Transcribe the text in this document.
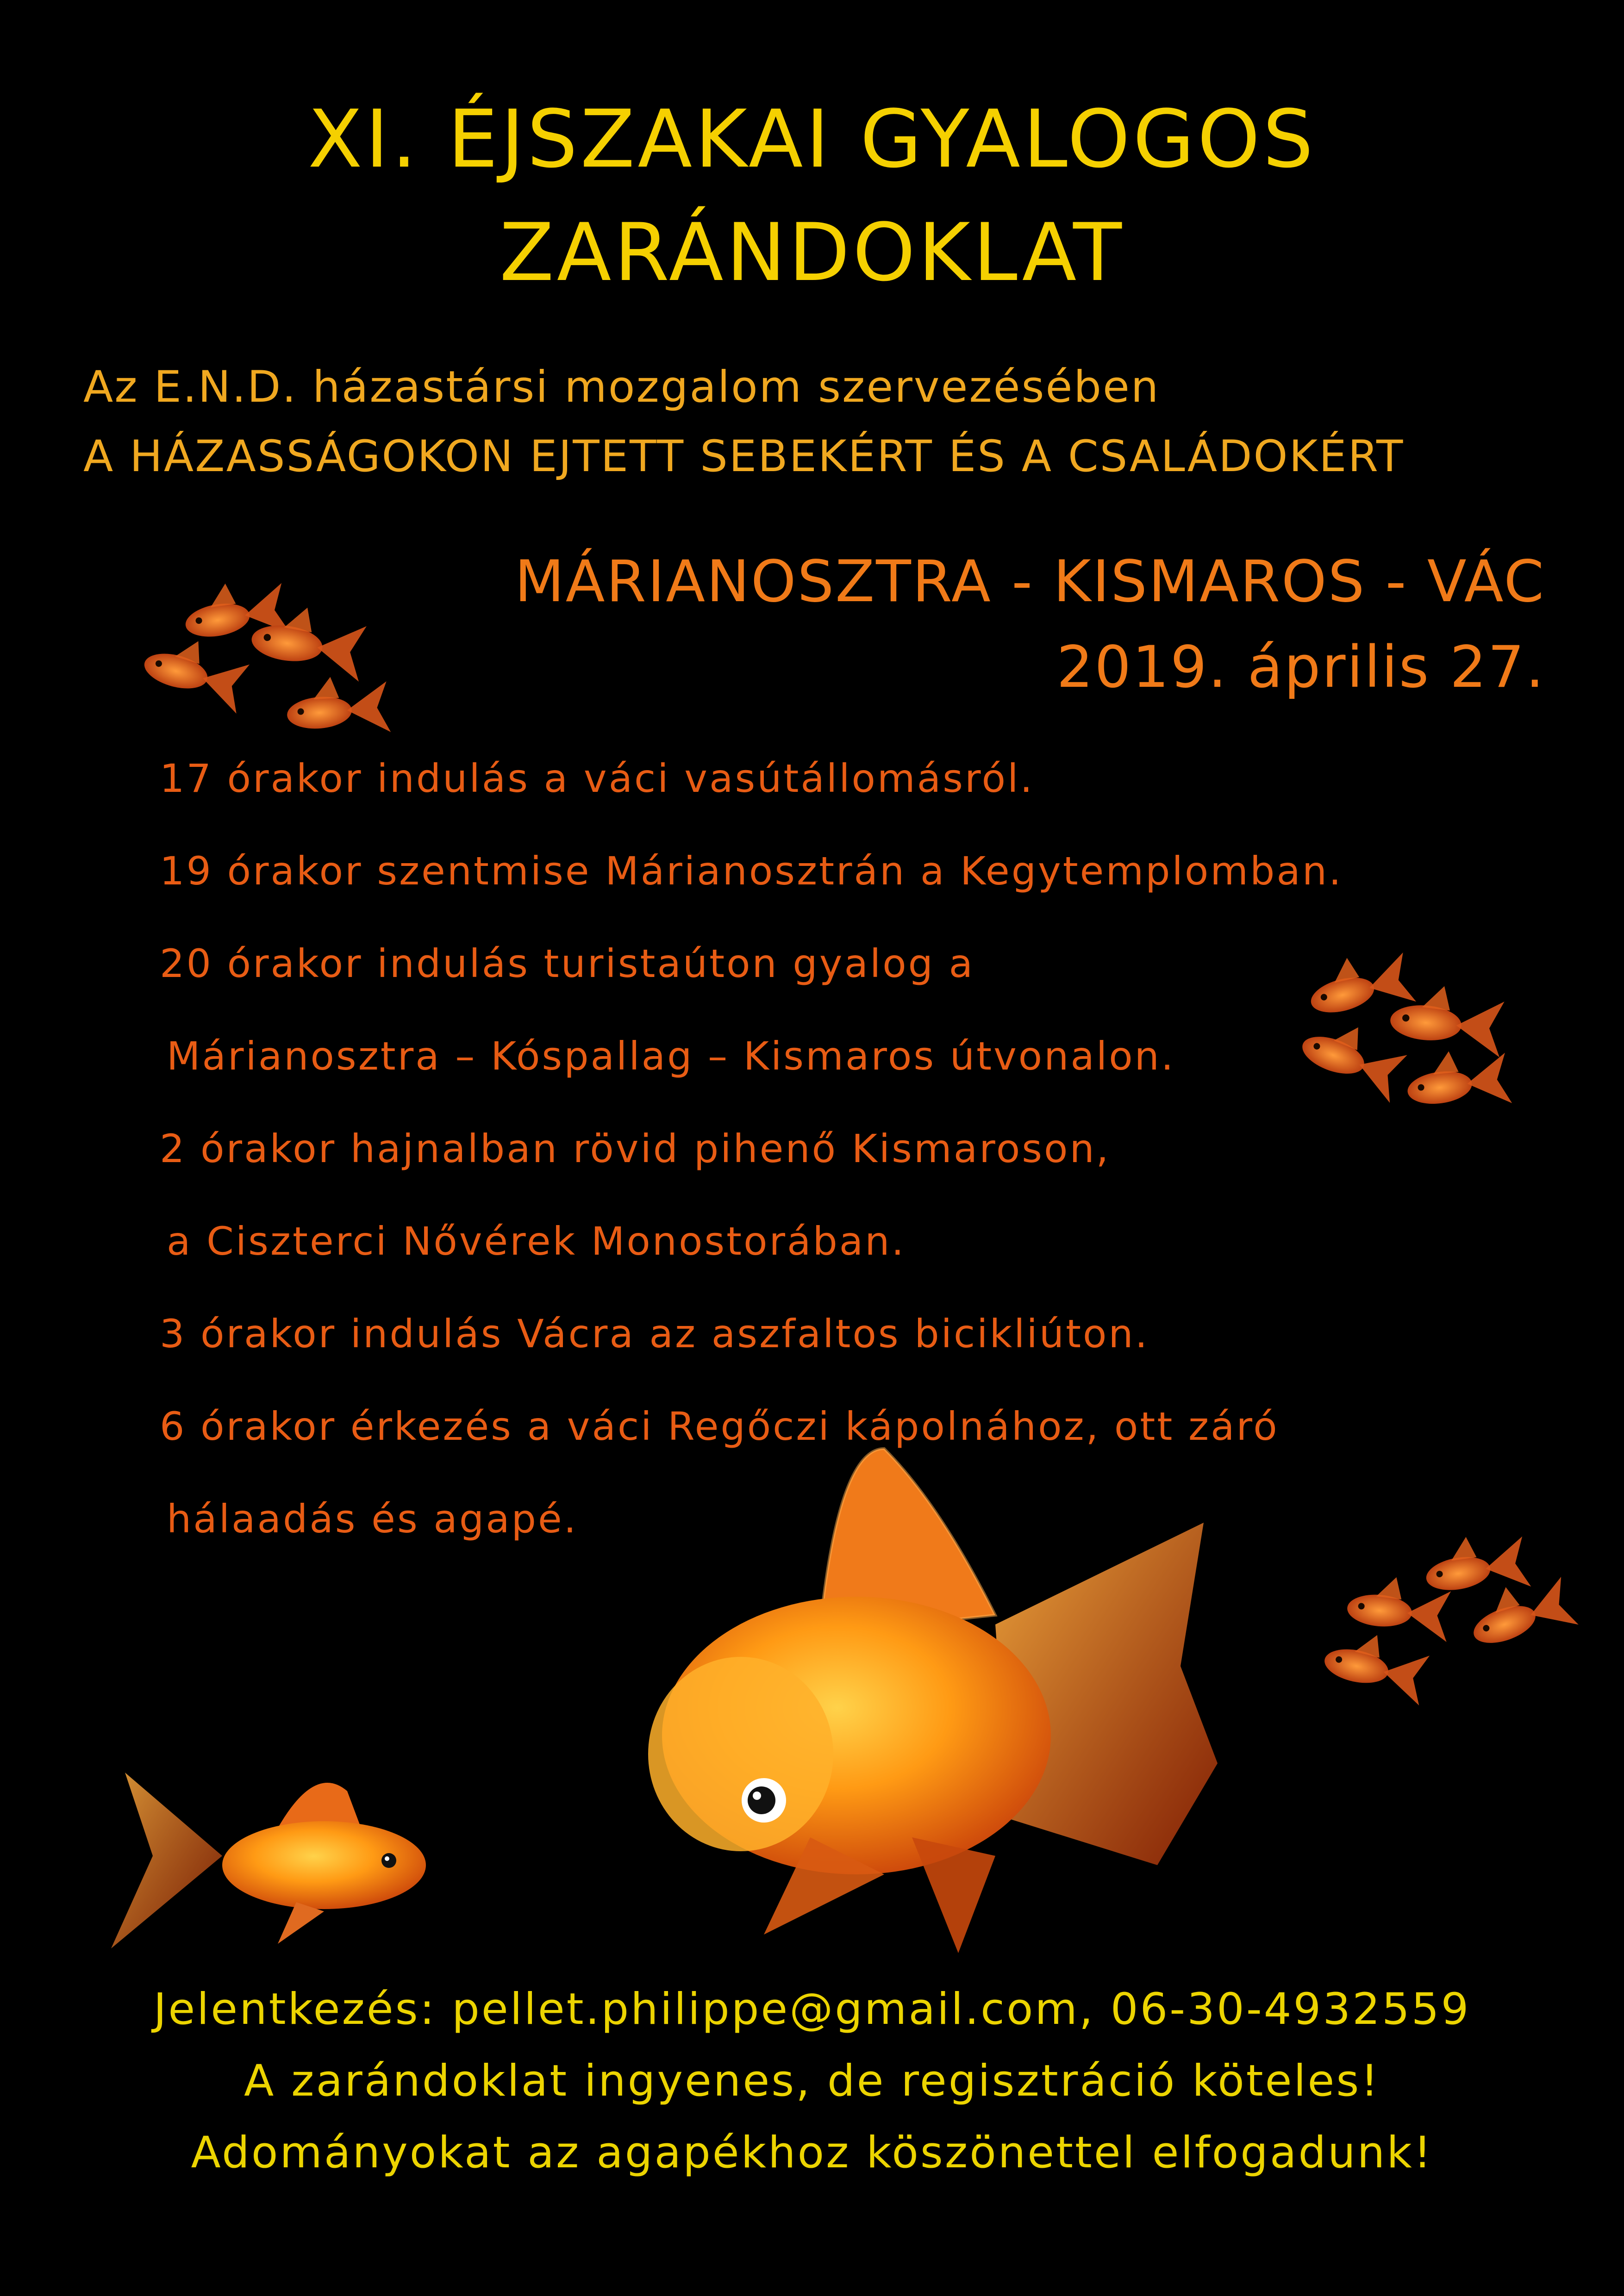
XI. ÉJSZAKAI GYALOGOS
ZARÁNDOKLAT
Az E.N.D. házastársi mozgalom szervezésében
A HÁZASSÁGOKON EJTETT SEBEKÉRT ÉS A CSALÁDOKÉRT
MÁRIANOSZTRA - KISMAROS - VÁC
2019. április 27.
17 órakor indulás a váci vasútállomásról.
19 órakor szentmise Márianosztrán a Kegytemplomban.
20 órakor indulás turistaúton gyalog a
Márianosztra – Kóspallag – Kismaros útvonalon.
2 órakor hajnalban rövid pihenő Kismaroson,
a Ciszterci Nővérek Monostorában.
3 órakor indulás Vácra az aszfaltos bicikliúton.
6 órakor érkezés a váci Regőczi kápolnához, ott záró
hálaadás és agapé.
Jelentkezés: pellet.philippe@gmail.com, 06-30-4932559
A zarándoklat ingyenes, de regisztráció köteles!
Adományokat az agapékhoz köszönettel elfogadunk!
